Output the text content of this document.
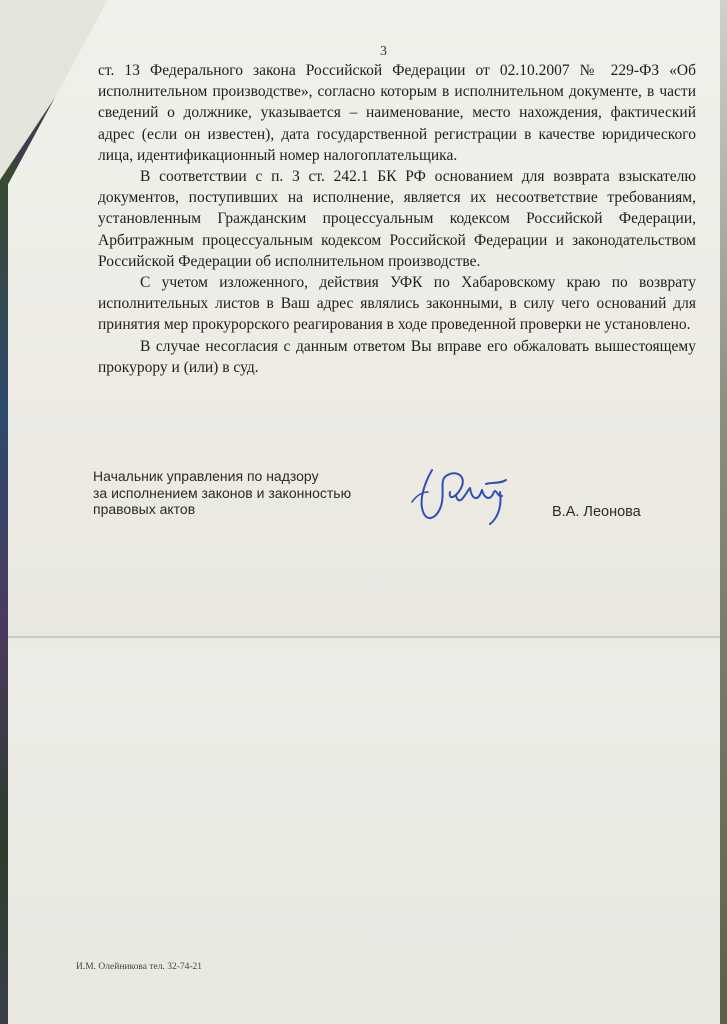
3

ст. 13 Федерального закона Российской Федерации от 02.10.2007 № 229-ФЗ «Об исполнительном производстве», согласно которым в исполнительном документе, в части сведений о должнике, указывается – наименование, место нахождения, фактический адрес (если он известен), дата государственной регистрации в качестве юридического лица, идентификационный номер налогоплательщика.

В соответствии с п. 3 ст. 242.1 БК РФ основанием для возврата взыскателю документов, поступивших на исполнение, является их несоответствие требованиям, установленным Гражданским процессуальным кодексом Российской Федерации, Арбитражным процессуальным кодексом Российской Федерации и законодательством Российской Федерации об исполнительном производстве.

С учетом изложенного, действия УФК по Хабаровскому краю по возврату исполнительных листов в Ваш адрес являлись законными, в силу чего оснований для принятия мер прокурорского реагирования в ходе проведенной проверки не установлено.

В случае несогласия с данным ответом Вы вправе его обжаловать вышестоящему прокурору и (или) в суд.

Начальник управления по надзору
за исполнением законов и законностью
правовых актов	В.А. Леонова
И.М. Олейникова тел. 32-74-21
